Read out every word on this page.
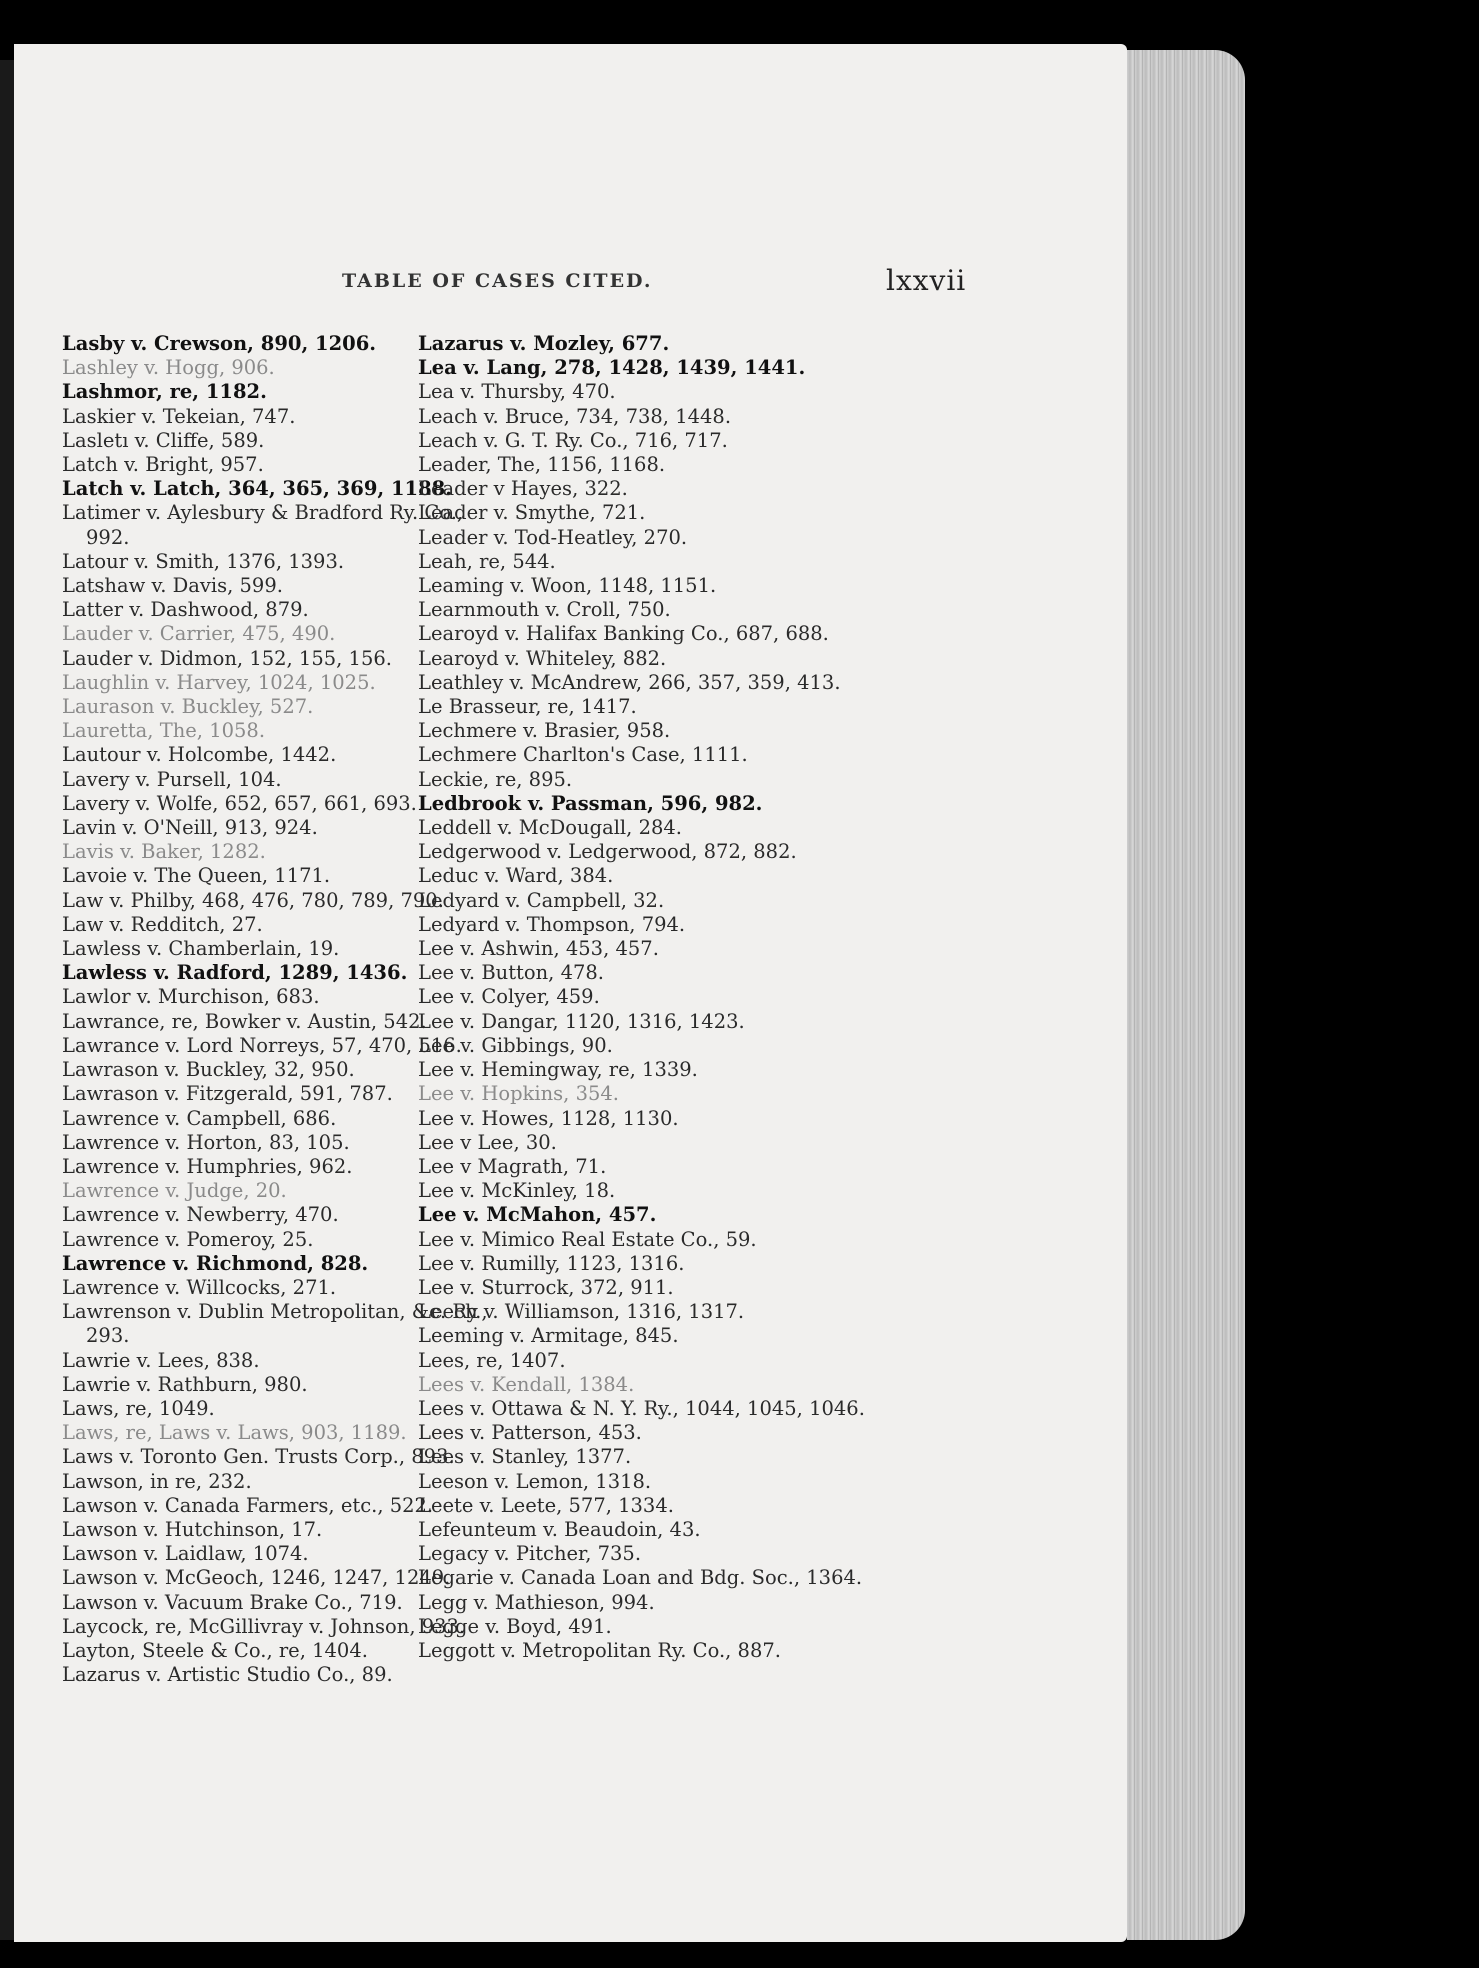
TABLE OF CASES CITED.	lxxvii
Lasby v. Crewson, 890, 1206.
Lashley v. Hogg, 906.
Lashmor, re, 1182.
Laskier v. Tekeian, 747.
Lasletı v. Cliffe, 589.
Latch v. Bright, 957.
Latch v. Latch, 364, 365, 369, 1188.
Latimer v. Aylesbury & Bradford Ry. Co., 992.
Latour v. Smith, 1376, 1393.
Latshaw v. Davis, 599.
Latter v. Dashwood, 879.
Lauder v. Carrier, 475, 490.
Lauder v. Didmon, 152, 155, 156.
Laughlin v. Harvey, 1024, 1025.
Laurason v. Buckley, 527.
Lauretta, The, 1058.
Lautour v. Holcombe, 1442.
Lavery v. Pursell, 104.
Lavery v. Wolfe, 652, 657, 661, 693.
Lavin v. O'Neill, 913, 924.
Lavis v. Baker, 1282.
Lavoie v. The Queen, 1171.
Law v. Philby, 468, 476, 780, 789, 790.
Law v. Redditch, 27.
Lawless v. Chamberlain, 19.
Lawless v. Radford, 1289, 1436.
Lawlor v. Murchison, 683.
Lawrance, re, Bowker v. Austin, 542.
Lawrance v. Lord Norreys, 57, 470, 516.
Lawrason v. Buckley, 32, 950.
Lawrason v. Fitzgerald, 591, 787.
Lawrence v. Campbell, 686.
Lawrence v. Horton, 83, 105.
Lawrence v. Humphries, 962.
Lawrence v. Judge, 20.
Lawrence v. Newberry, 470.
Lawrence v. Pomeroy, 25.
Lawrence v. Richmond, 828.
Lawrence v. Willcocks, 271.
Lawrenson v. Dublin Metropolitan, &c. Ry., 293.
Lawrie v. Lees, 838.
Lawrie v. Rathburn, 980.
Laws, re, 1049.
Laws, re, Laws v. Laws, 903, 1189.
Laws v. Toronto Gen. Trusts Corp., 893.
Lawson, in re, 232.
Lawson v. Canada Farmers, etc., 522.
Lawson v. Hutchinson, 17.
Lawson v. Laidlaw, 1074.
Lawson v. McGeoch, 1246, 1247, 1249.
Lawson v. Vacuum Brake Co., 719.
Laycock, re, McGillivray v. Johnson, 933.
Layton, Steele & Co., re, 1404.
Lazarus v. Artistic Studio Co., 89.
Lazarus v. Mozley, 677.
Lea v. Lang, 278, 1428, 1439, 1441.
Lea v. Thursby, 470.
Leach v. Bruce, 734, 738, 1448.
Leach v. G. T. Ry. Co., 716, 717.
Leader, The, 1156, 1168.
Leader v Hayes, 322.
Leader v. Smythe, 721.
Leader v. Tod-Heatley, 270.
Leah, re, 544.
Leaming v. Woon, 1148, 1151.
Learnmouth v. Croll, 750.
Learoyd v. Halifax Banking Co., 687, 688.
Learoyd v. Whiteley, 882.
Leathley v. McAndrew, 266, 357, 359, 413.
Le Brasseur, re, 1417.
Lechmere v. Brasier, 958.
Lechmere Charlton's Case, 1111.
Leckie, re, 895.
Ledbrook v. Passman, 596, 982.
Leddell v. McDougall, 284.
Ledgerwood v. Ledgerwood, 872, 882.
Leduc v. Ward, 384.
Ledyard v. Campbell, 32.
Ledyard v. Thompson, 794.
Lee v. Ashwin, 453, 457.
Lee v. Button, 478.
Lee v. Colyer, 459.
Lee v. Dangar, 1120, 1316, 1423.
Lee v. Gibbings, 90.
Lee v. Hemingway, re, 1339.
Lee v. Hopkins, 354.
Lee v. Howes, 1128, 1130.
Lee v Lee, 30.
Lee v Magrath, 71.
Lee v. McKinley, 18.
Lee v. McMahon, 457.
Lee v. Mimico Real Estate Co., 59.
Lee v. Rumilly, 1123, 1316.
Lee v. Sturrock, 372, 911.
Leech v. Williamson, 1316, 1317.
Leeming v. Armitage, 845.
Lees, re, 1407.
Lees v. Kendall, 1384.
Lees v. Ottawa & N. Y. Ry., 1044, 1045, 1046.
Lees v. Patterson, 453.
Lees v. Stanley, 1377.
Leeson v. Lemon, 1318.
Leete v. Leete, 577, 1334.
Lefeunteum v. Beaudoin, 43.
Legacy v. Pitcher, 735.
Legarie v. Canada Loan and Bdg. Soc., 1364.
Legg v. Mathieson, 994.
Legge v. Boyd, 491.
Leggott v. Metropolitan Ry. Co., 887.
